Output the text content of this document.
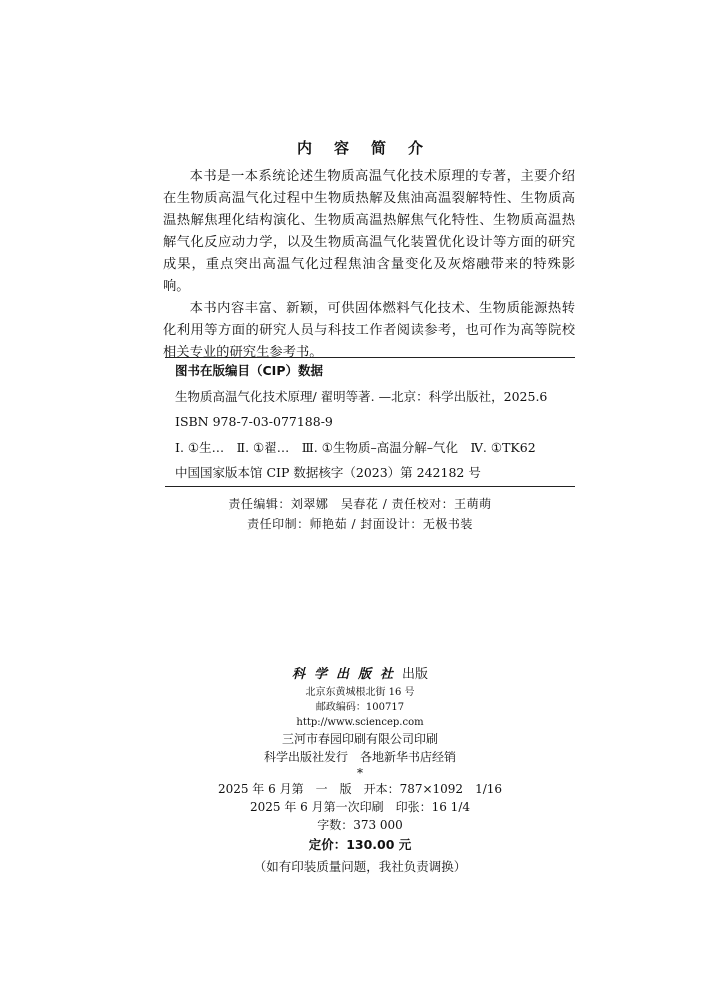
内容简介

本书是一本系统论述生物质高温气化技术原理的专著，主要介绍在生物质高温气化过程中生物质热解及焦油高温裂解特性、生物质高温热解焦理化结构演化、生物质高温热解焦气化特性、生物质高温热解气化反应动力学，以及生物质高温气化装置优化设计等方面的研究成果，重点突出高温气化过程焦油含量变化及灰熔融带来的特殊影响。

本书内容丰富、新颖，可供固体燃料气化技术、生物质能源热转化利用等方面的研究人员与科技工作者阅读参考，也可作为高等院校相关专业的研究生参考书。

图书在版编目（CIP）数据
生物质高温气化技术原理/ 翟明等著. —北京：科学出版社，2025.6
ISBN 978-7-03-077188-9
Ⅰ. ①生…　Ⅱ. ①翟…　Ⅲ. ①生物质–高温分解–气化　Ⅳ. ①TK62
中国国家版本馆 CIP 数据核字（2023）第 242182 号
责任编辑：刘翠娜　吴春花 / 责任校对：王萌萌
责任印制：师艳茹 / 封面设计：无极书装
科学出版社出版
北京东黄城根北街 16 号
邮政编码：100717
http://www.sciencep.com
三河市春园印刷有限公司印刷
科学出版社发行　各地新华书店经销
*
2025 年 6 月第　一　版　开本：787×1092　1/16
2025 年 6 月第一次印刷　印张：16 1/4
字数：373 000
定价：130.00 元
（如有印装质量问题，我社负责调换）
